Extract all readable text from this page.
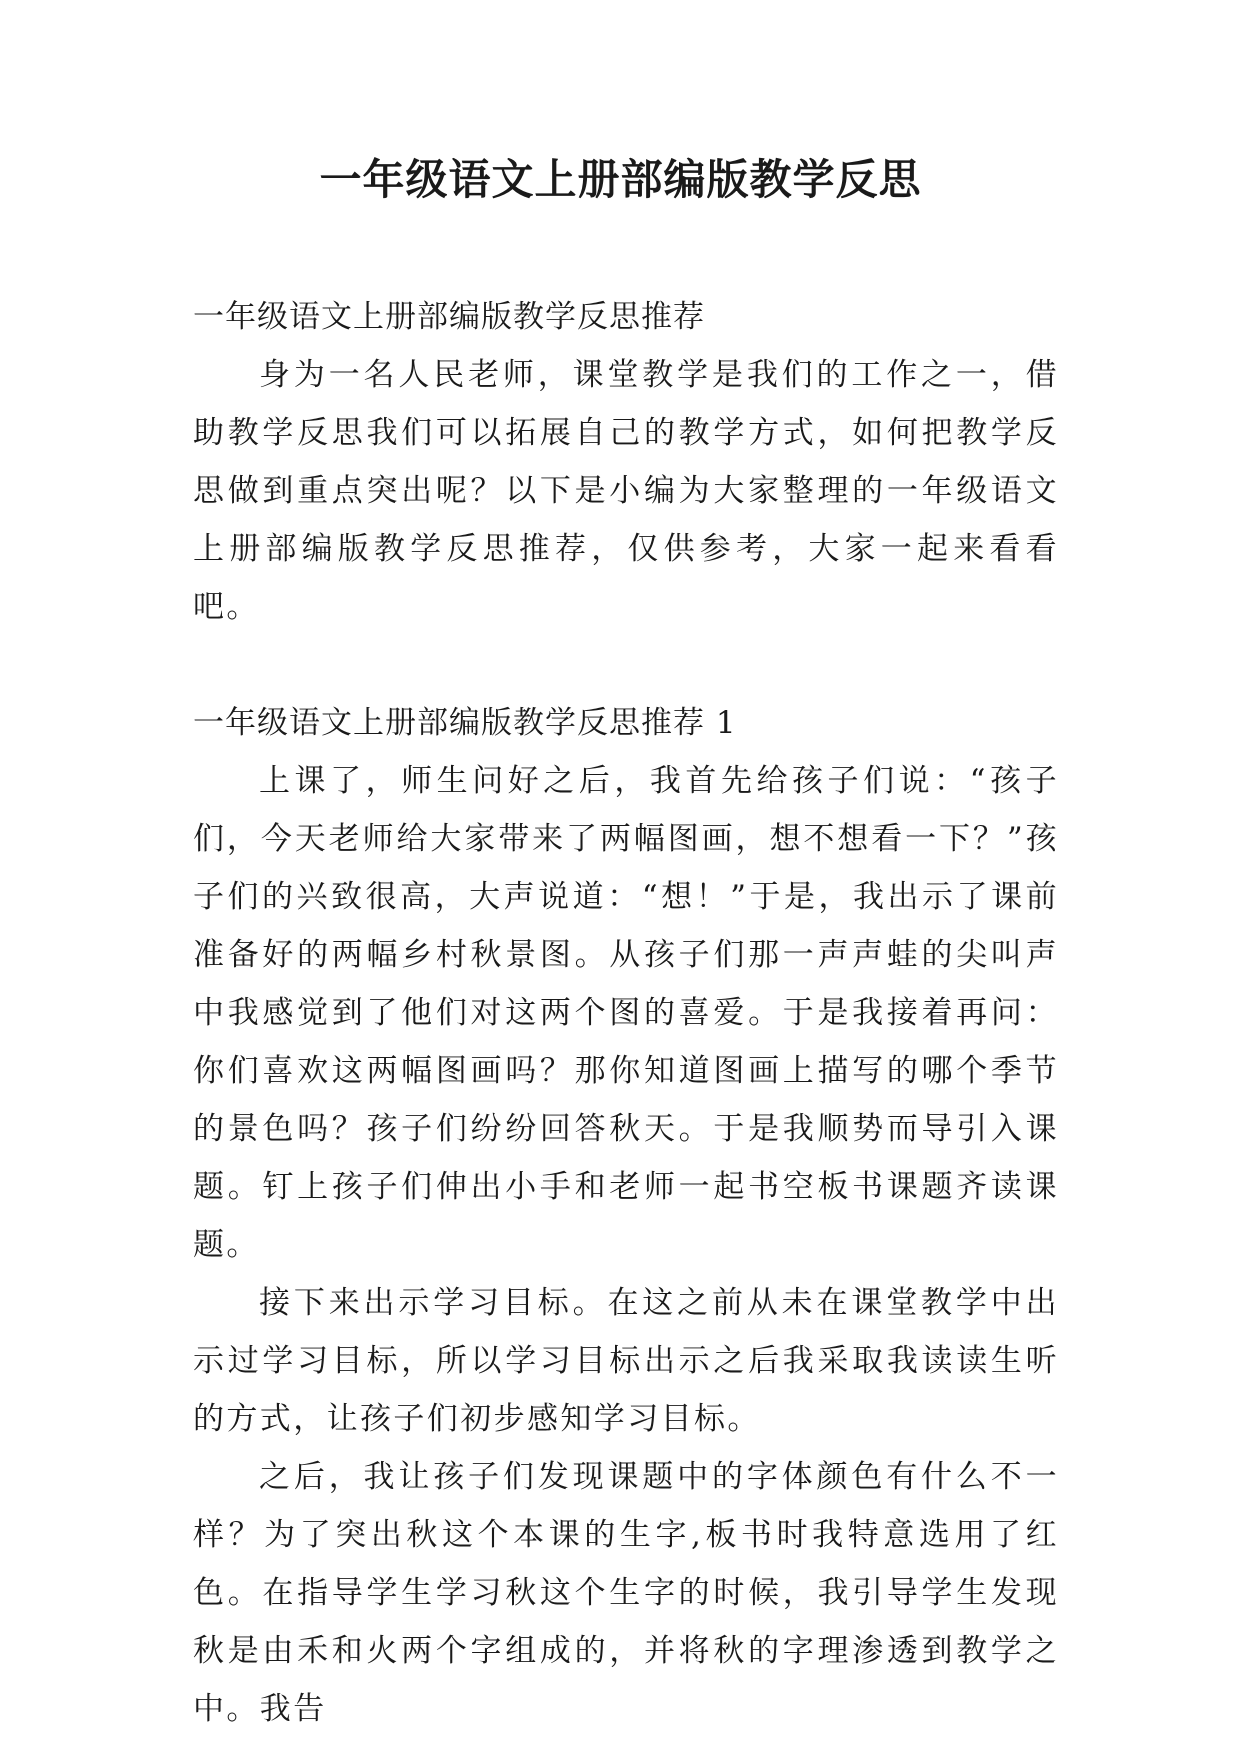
一年级语文上册部编版教学反思

一年级语文上册部编版教学反思推荐

身为一名人民老师，课堂教学是我们的工作之一，借助教学反思我们可以拓展自己的教学方式，如何把教学反思做到重点突出呢？以下是小编为大家整理的一年级语文上册部编版教学反思推荐，仅供参考，大家一起来看看吧。

一年级语文上册部编版教学反思推荐 1

上课了，师生问好之后，我首先给孩子们说：“孩子们，今天老师给大家带来了两幅图画，想不想看一下？”孩子们的兴致很高，大声说道：“想！”于是，我出示了课前准备好的两幅乡村秋景图。从孩子们那一声声蛙的尖叫声中我感觉到了他们对这两个图的喜爱。于是我接着再问：你们喜欢这两幅图画吗？那你知道图画上描写的哪个季节的景色吗？孩子们纷纷回答秋天。于是我顺势而导引入课题。钉上孩子们伸出小手和老师一起书空板书课题齐读课题。

接下来出示学习目标。在这之前从未在课堂教学中出示过学习目标，所以学习目标出示之后我采取我读读生听的方式，让孩子们初步感知学习目标。

之后，我让孩子们发现课题中的字体颜色有什么不一样？为了突出秋这个本课的生字,板书时我特意选用了红色。在指导学生学习秋这个生字的时候，我引导学生发现秋是由禾和火两个字组成的，并将秋的字理渗透到教学之中。我告
